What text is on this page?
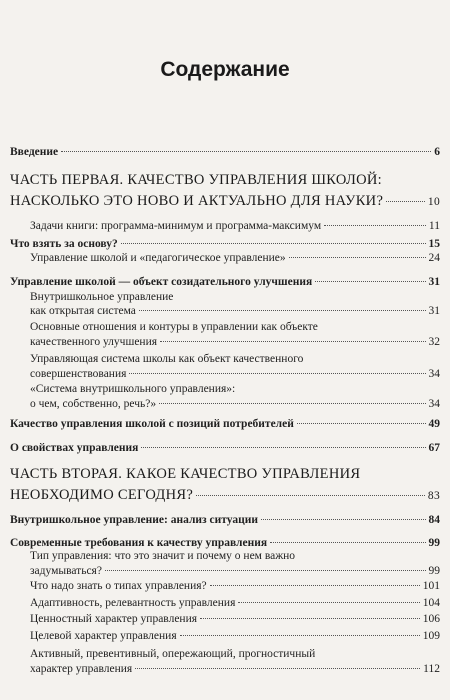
Содержание
Введение	6
ЧАСТЬ ПЕРВАЯ. КАЧЕСТВО УПРАВЛЕНИЯ ШКОЛОЙ:
НАСКОЛЬКО ЭТО НОВО И АКТУАЛЬНО ДЛЯ НАУКИ?	10
Задачи книги: программа-минимум и программа-максимум	11
Что взять за основу?	15
Управление школой и «педагогическое управление»	24
Управление школой — объект созидательного улучшения	31
Внутришкольное управление
как открытая система	31
Основные отношения и контуры в управлении как объекте
качественного улучшения	32
Управляющая система школы как объект качественного
совершенствования	34
«Система внутришкольного управления»:
о чем, собственно, речь?»	34
Качество управления школой с позиций потребителей	49
О свойствах управления	67
ЧАСТЬ ВТОРАЯ. КАКОЕ КАЧЕСТВО УПРАВЛЕНИЯ
НЕОБХОДИМО СЕГОДНЯ?	83
Внутришкольное управление: анализ ситуации	84
Современные требования к качеству управления	99
Тип управления: что это значит и почему о нем важно
задумываться?	99
Что надо знать о типах управления?	101
Адаптивность, релевантность управления	104
Ценностный характер управления	106
Целевой характер управления	109
Активный, превентивный, опережающий, прогностичный
характер управления	112
